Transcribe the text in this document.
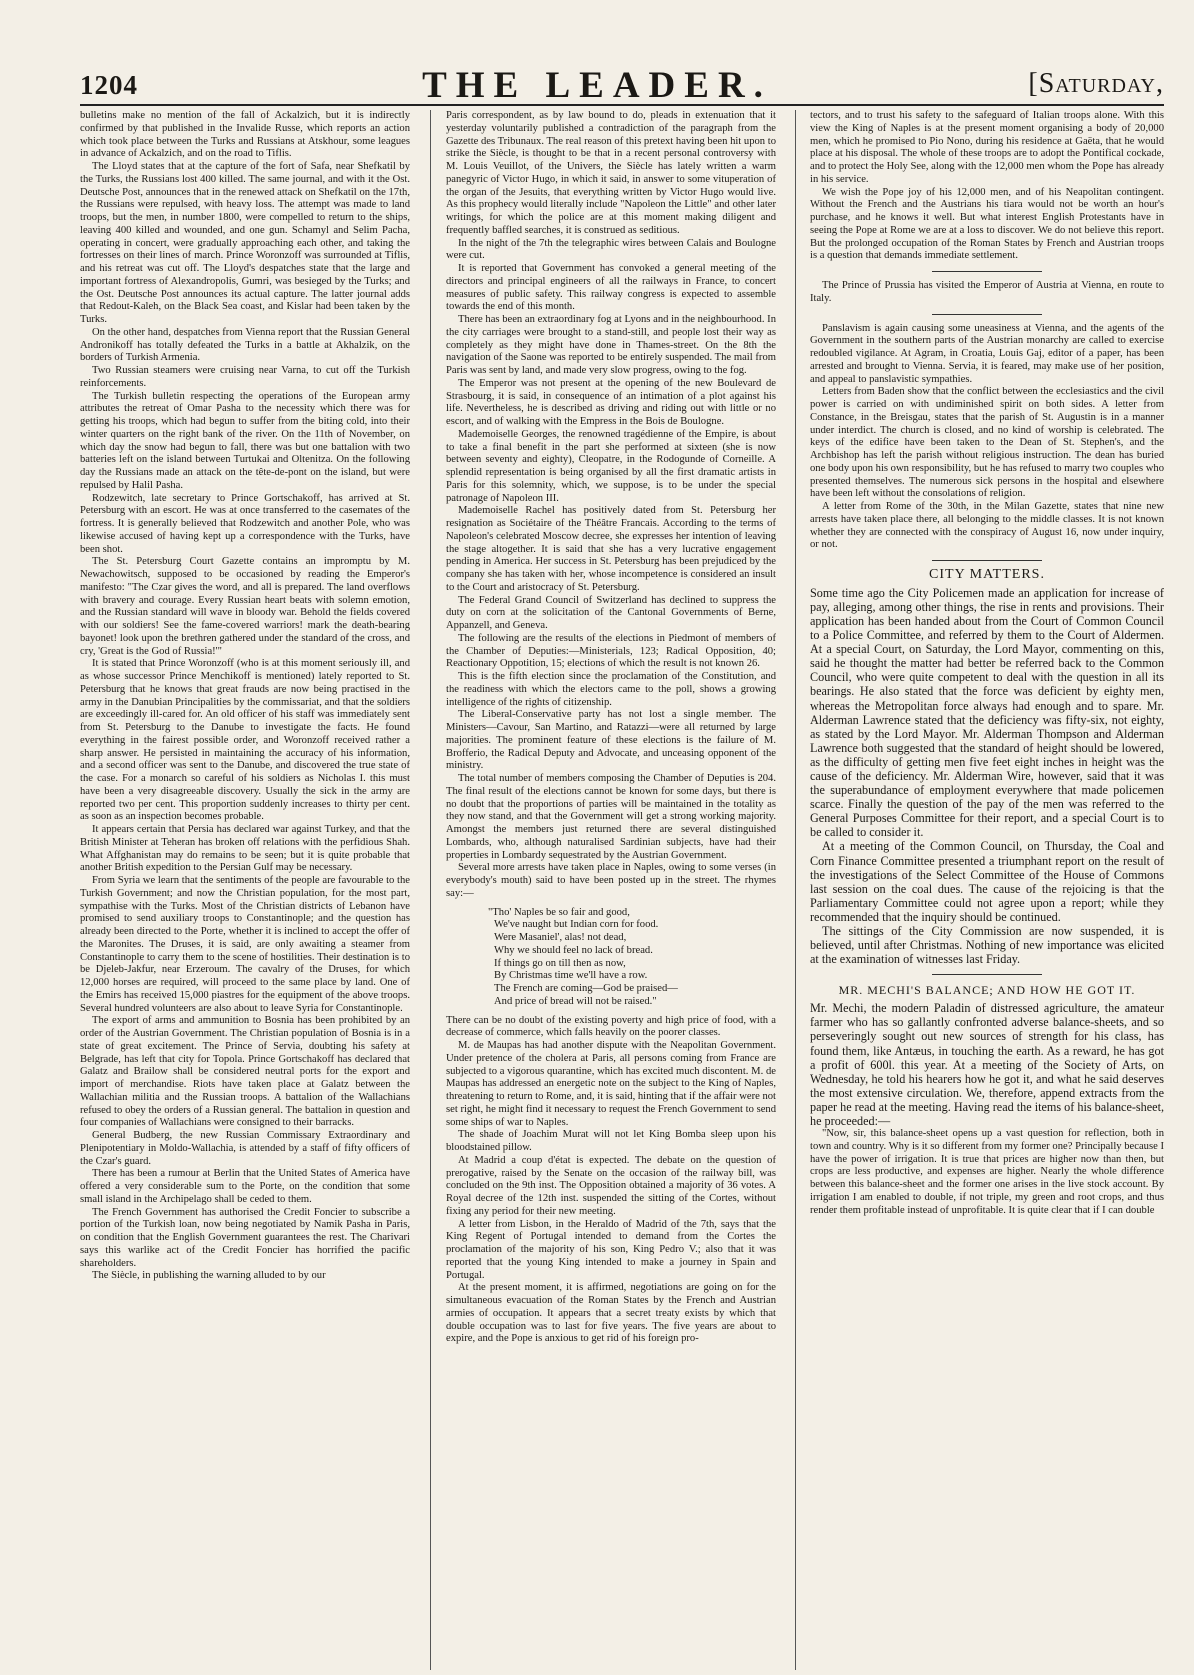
1204	THE LEADER.	[Saturday,

bulletins make no mention of the fall of Ackalzich, but it is indirectly confirmed by that published in the Invalide Russe, which reports an action which took place between the Turks and Russians at Atskhour, some leagues in advance of Ackalzich, and on the road to Tiflis.

The Lloyd states that at the capture of the fort of Safa, near Shefkatil by the Turks, the Russians lost 400 killed. The same journal, and with it the Ost. Deutsche Post, announces that in the renewed attack on Shefkatil on the 17th, the Russians were repulsed, with heavy loss. The attempt was made to land troops, but the men, in number 1800, were compelled to return to the ships, leaving 400 killed and wounded, and one gun. Schamyl and Selim Pacha, operating in concert, were gradually approaching each other, and taking the fortresses on their lines of march. Prince Woronzoff was surrounded at Tiflis, and his retreat was cut off. The Lloyd's despatches state that the large and important fortress of Alexandropolis, Gumri, was besieged by the Turks; and the Ost. Deutsche Post announces its actual capture. The latter journal adds that Redout-Kaleh, on the Black Sea coast, and Kislar had been taken by the Turks.

On the other hand, despatches from Vienna report that the Russian General Andronikoff has totally defeated the Turks in a battle at Akhalzik, on the borders of Turkish Armenia.

Two Russian steamers were cruising near Varna, to cut off the Turkish reinforcements.

The Turkish bulletin respecting the operations of the European army attributes the retreat of Omar Pasha to the necessity which there was for getting his troops, which had begun to suffer from the biting cold, into their winter quarters on the right bank of the river. On the 11th of November, on which day the snow had begun to fall, there was but one battalion with two batteries left on the island between Turtukai and Oltenitza. On the following day the Russians made an attack on the tête-de-pont on the island, but were repulsed by Halil Pasha.

Rodzewitch, late secretary to Prince Gortschakoff, has arrived at St. Petersburg with an escort. He was at once transferred to the casemates of the fortress. It is generally believed that Rodzewitch and another Pole, who was likewise accused of having kept up a correspondence with the Turks, have been shot.

The St. Petersburg Court Gazette contains an impromptu by M. Newachowitsch, supposed to be occasioned by reading the Emperor's manifesto: "The Czar gives the word, and all is prepared. The land overflows with bravery and courage. Every Russian heart beats with solemn emotion, and the Russian standard will wave in bloody war. Behold the fields covered with our soldiers! See the fame-covered warriors! mark the death-bearing bayonet! look upon the brethren gathered under the standard of the cross, and cry, 'Great is the God of Russia!'"

It is stated that Prince Woronzoff (who is at this moment seriously ill, and as whose successor Prince Menchikoff is mentioned) lately reported to St. Petersburg that he knows that great frauds are now being practised in the army in the Danubian Principalities by the commissariat, and that the soldiers are exceedingly ill-cared for. An old officer of his staff was immediately sent from St. Petersburg to the Danube to investigate the facts. He found everything in the fairest possible order, and Woronzoff received rather a sharp answer. He persisted in maintaining the accuracy of his information, and a second officer was sent to the Danube, and discovered the true state of the case. For a monarch so careful of his soldiers as Nicholas I. this must have been a very disagreeable discovery. Usually the sick in the army are reported two per cent. This proportion suddenly increases to thirty per cent. as soon as an inspection becomes probable.

It appears certain that Persia has declared war against Turkey, and that the British Minister at Teheran has broken off relations with the perfidious Shah. What Affghanistan may do remains to be seen; but it is quite probable that another British expedition to the Persian Gulf may be necessary.

From Syria we learn that the sentiments of the people are favourable to the Turkish Government; and now the Christian population, for the most part, sympathise with the Turks. Most of the Christian districts of Lebanon have promised to send auxiliary troops to Constantinople; and the question has already been directed to the Porte, whether it is inclined to accept the offer of the Maronites. The Druses, it is said, are only awaiting a steamer from Constantinople to carry them to the scene of hostilities. Their destination is to be Djeleb-Jakfur, near Erzeroum. The cavalry of the Druses, for which 12,000 horses are required, will proceed to the same place by land. One of the Emirs has received 15,000 piastres for the equipment of the above troops. Several hundred volunteers are also about to leave Syria for Constantinople.

The export of arms and ammunition to Bosnia has been prohibited by an order of the Austrian Government. The Christian population of Bosnia is in a state of great excitement. The Prince of Servia, doubting his safety at Belgrade, has left that city for Topola. Prince Gortschakoff has declared that Galatz and Brailow shall be considered neutral ports for the export and import of merchandise. Riots have taken place at Galatz between the Wallachian militia and the Russian troops. A battalion of the Wallachians refused to obey the orders of a Russian general. The battalion in question and four companies of Wallachians were consigned to their barracks.

General Budberg, the new Russian Commissary Extraordinary and Plenipotentiary in Moldo-Wallachia, is attended by a staff of fifty officers of the Czar's guard.

There has been a rumour at Berlin that the United States of America have offered a very considerable sum to the Porte, on the condition that some small island in the Archipelago shall be ceded to them.

The French Government has authorised the Credit Foncier to subscribe a portion of the Turkish loan, now being negotiated by Namik Pasha in Paris, on condition that the English Government guarantees the rest. The Charivari says this warlike act of the Credit Foncier has horrified the pacific shareholders.

The Siècle, in publishing the warning alluded to by our

Paris correspondent, as by law bound to do, pleads in extenuation that it yesterday voluntarily published a contradiction of the paragraph from the Gazette des Tribunaux. The real reason of this pretext having been hit upon to strike the Siècle, is thought to be that in a recent personal controversy with M. Louis Veuillot, of the Univers, the Siècle has lately written a warm panegyric of Victor Hugo, in which it said, in answer to some vituperation of the organ of the Jesuits, that everything written by Victor Hugo would live. As this prophecy would literally include "Napoleon the Little" and other later writings, for which the police are at this moment making diligent and frequently baffled searches, it is construed as seditious.

In the night of the 7th the telegraphic wires between Calais and Boulogne were cut.

It is reported that Government has convoked a general meeting of the directors and principal engineers of all the railways in France, to concert measures of public safety. This railway congress is expected to assemble towards the end of this month.

There has been an extraordinary fog at Lyons and in the neighbourhood. In the city carriages were brought to a stand-still, and people lost their way as completely as they might have done in Thames-street. On the 8th the navigation of the Saone was reported to be entirely suspended. The mail from Paris was sent by land, and made very slow progress, owing to the fog.

The Emperor was not present at the opening of the new Boulevard de Strasbourg, it is said, in consequence of an intimation of a plot against his life. Nevertheless, he is described as driving and riding out with little or no escort, and of walking with the Empress in the Bois de Boulogne.

Mademoiselle Georges, the renowned tragédienne of the Empire, is about to take a final benefit in the part she performed at sixteen (she is now between seventy and eighty), Cleopatre, in the Rodogunde of Corneille. A splendid representation is being organised by all the first dramatic artists in Paris for this solemnity, which, we suppose, is to be under the special patronage of Napoleon III.

Mademoiselle Rachel has positively dated from St. Petersburg her resignation as Sociétaire of the Théâtre Francais. According to the terms of Napoleon's celebrated Moscow decree, she expresses her intention of leaving the stage altogether. It is said that she has a very lucrative engagement pending in America. Her success in St. Petersburg has been prejudiced by the company she has taken with her, whose incompetence is considered an insult to the Court and aristocracy of St. Petersburg.

The Federal Grand Council of Switzerland has declined to suppress the duty on corn at the solicitation of the Cantonal Governments of Berne, Appanzell, and Geneva.

The following are the results of the elections in Piedmont of members of the Chamber of Deputies:—Ministerials, 123; Radical Opposition, 40; Reactionary Oppotition, 15; elections of which the result is not known 26.

This is the fifth election since the proclamation of the Constitution, and the readiness with which the electors came to the poll, shows a growing intelligence of the rights of citizenship.

The Liberal-Conservative party has not lost a single member. The Ministers—Cavour, San Martino, and Ratazzi—were all returned by large majorities. The prominent feature of these elections is the failure of M. Brofferio, the Radical Deputy and Advocate, and unceasing opponent of the ministry.

The total number of members composing the Chamber of Deputies is 204. The final result of the elections cannot be known for some days, but there is no doubt that the proportions of parties will be maintained in the totality as they now stand, and that the Government will get a strong working majority. Amongst the members just returned there are several distinguished Lombards, who, although naturalised Sardinian subjects, have had their properties in Lombardy sequestrated by the Austrian Government.

Several more arrests have taken place in Naples, owing to some verses (in everybody's mouth) said to have been posted up in the street. The rhymes say:—

"Tho' Naples be so fair and good,
We've naught but Indian corn for food.
Were Masaniel', alas! not dead,
Why we should feel no lack of bread.
If things go on till then as now,
By Christmas time we'll have a row.
The French are coming—God be praised—
And price of bread will not be raised."

There can be no doubt of the existing poverty and high price of food, with a decrease of commerce, which falls heavily on the poorer classes.

M. de Maupas has had another dispute with the Neapolitan Government. Under pretence of the cholera at Paris, all persons coming from France are subjected to a vigorous quarantine, which has excited much discontent. M. de Maupas has addressed an energetic note on the subject to the King of Naples, threatening to return to Rome, and, it is said, hinting that if the affair were not set right, he might find it necessary to request the French Government to send some ships of war to Naples.

The shade of Joachim Murat will not let King Bomba sleep upon his bloodstained pillow.

At Madrid a coup d'état is expected. The debate on the question of prerogative, raised by the Senate on the occasion of the railway bill, was concluded on the 9th inst. The Opposition obtained a majority of 36 votes. A Royal decree of the 12th inst. suspended the sitting of the Cortes, without fixing any period for their new meeting.

A letter from Lisbon, in the Heraldo of Madrid of the 7th, says that the King Regent of Portugal intended to demand from the Cortes the proclamation of the majority of his son, King Pedro V.; also that it was reported that the young King intended to make a journey in Spain and Portugal.

At the present moment, it is affirmed, negotiations are going on for the simultaneous evacuation of the Roman States by the French and Austrian armies of occupation. It appears that a secret treaty exists by which that double occupation was to last for five years. The five years are about to expire, and the Pope is anxious to get rid of his foreign pro-

tectors, and to trust his safety to the safeguard of Italian troops alone. With this view the King of Naples is at the present moment organising a body of 20,000 men, which he promised to Pio Nono, during his residence at Gaëta, that he would place at his disposal. The whole of these troops are to adopt the Pontifical cockade, and to protect the Holy See, along with the 12,000 men whom the Pope has already in his service.

We wish the Pope joy of his 12,000 men, and of his Neapolitan contingent. Without the French and the Austrians his tiara would not be worth an hour's purchase, and he knows it well. But what interest English Protestants have in seeing the Pope at Rome we are at a loss to discover. We do not believe this report. But the prolonged occupation of the Roman States by French and Austrian troops is a question that demands immediate settlement.

The Prince of Prussia has visited the Emperor of Austria at Vienna, en route to Italy.

Panslavism is again causing some uneasiness at Vienna, and the agents of the Government in the southern parts of the Austrian monarchy are called to exercise redoubled vigilance. At Agram, in Croatia, Louis Gaj, editor of a paper, has been arrested and brought to Vienna. Servia, it is feared, may make use of her position, and appeal to panslavistic sympathies.

Letters from Baden show that the conflict between the ecclesiastics and the civil power is carried on with undiminished spirit on both sides. A letter from Constance, in the Breisgau, states that the parish of St. Augustin is in a manner under interdict. The church is closed, and no kind of worship is celebrated. The keys of the edifice have been taken to the Dean of St. Stephen's, and the Archbishop has left the parish without religious instruction. The dean has buried one body upon his own responsibility, but he has refused to marry two couples who presented themselves. The numerous sick persons in the hospital and elsewhere have been left without the consolations of religion.

A letter from Rome of the 30th, in the Milan Gazette, states that nine new arrests have taken place there, all belonging to the middle classes. It is not known whether they are connected with the conspiracy of August 16, now under inquiry, or not.

CITY MATTERS.

Some time ago the City Policemen made an application for increase of pay, alleging, among other things, the rise in rents and provisions. Their application has been handed about from the Court of Common Council to a Police Committee, and referred by them to the Court of Aldermen. At a special Court, on Saturday, the Lord Mayor, commenting on this, said he thought the matter had better be referred back to the Common Council, who were quite competent to deal with the question in all its bearings. He also stated that the force was deficient by eighty men, whereas the Metropolitan force always had enough and to spare. Mr. Alderman Lawrence stated that the deficiency was fifty-six, not eighty, as stated by the Lord Mayor. Mr. Alderman Thompson and Alderman Lawrence both suggested that the standard of height should be lowered, as the difficulty of getting men five feet eight inches in height was the cause of the deficiency. Mr. Alderman Wire, however, said that it was the superabundance of employment everywhere that made policemen scarce. Finally the question of the pay of the men was referred to the General Purposes Committee for their report, and a special Court is to be called to consider it.

At a meeting of the Common Council, on Thursday, the Coal and Corn Finance Committee presented a triumphant report on the result of the investigations of the Select Committee of the House of Commons last session on the coal dues. The cause of the rejoicing is that the Parliamentary Committee could not agree upon a report; while they recommended that the inquiry should be continued.

The sittings of the City Commission are now suspended, it is believed, until after Christmas. Nothing of new importance was elicited at the examination of witnesses last Friday.

MR. MECHI'S BALANCE; AND HOW HE GOT IT.

Mr. Mechi, the modern Paladin of distressed agriculture, the amateur farmer who has so gallantly confronted adverse balance-sheets, and so perseveringly sought out new sources of strength for his class, has found them, like Antæus, in touching the earth. As a reward, he has got a profit of 600l. this year. At a meeting of the Society of Arts, on Wednesday, he told his hearers how he got it, and what he said deserves the most extensive circulation. We, therefore, append extracts from the paper he read at the meeting. Having read the items of his balance-sheet, he proceeded:—

"Now, sir, this balance-sheet opens up a vast question for reflection, both in town and country. Why is it so different from my former one? Principally because I have the power of irrigation. It is true that prices are higher now than then, but crops are less productive, and expenses are higher. Nearly the whole difference between this balance-sheet and the former one arises in the live stock account. By irrigation I am enabled to double, if not triple, my green and root crops, and thus render them profitable instead of unprofitable. It is quite clear that if I can double
